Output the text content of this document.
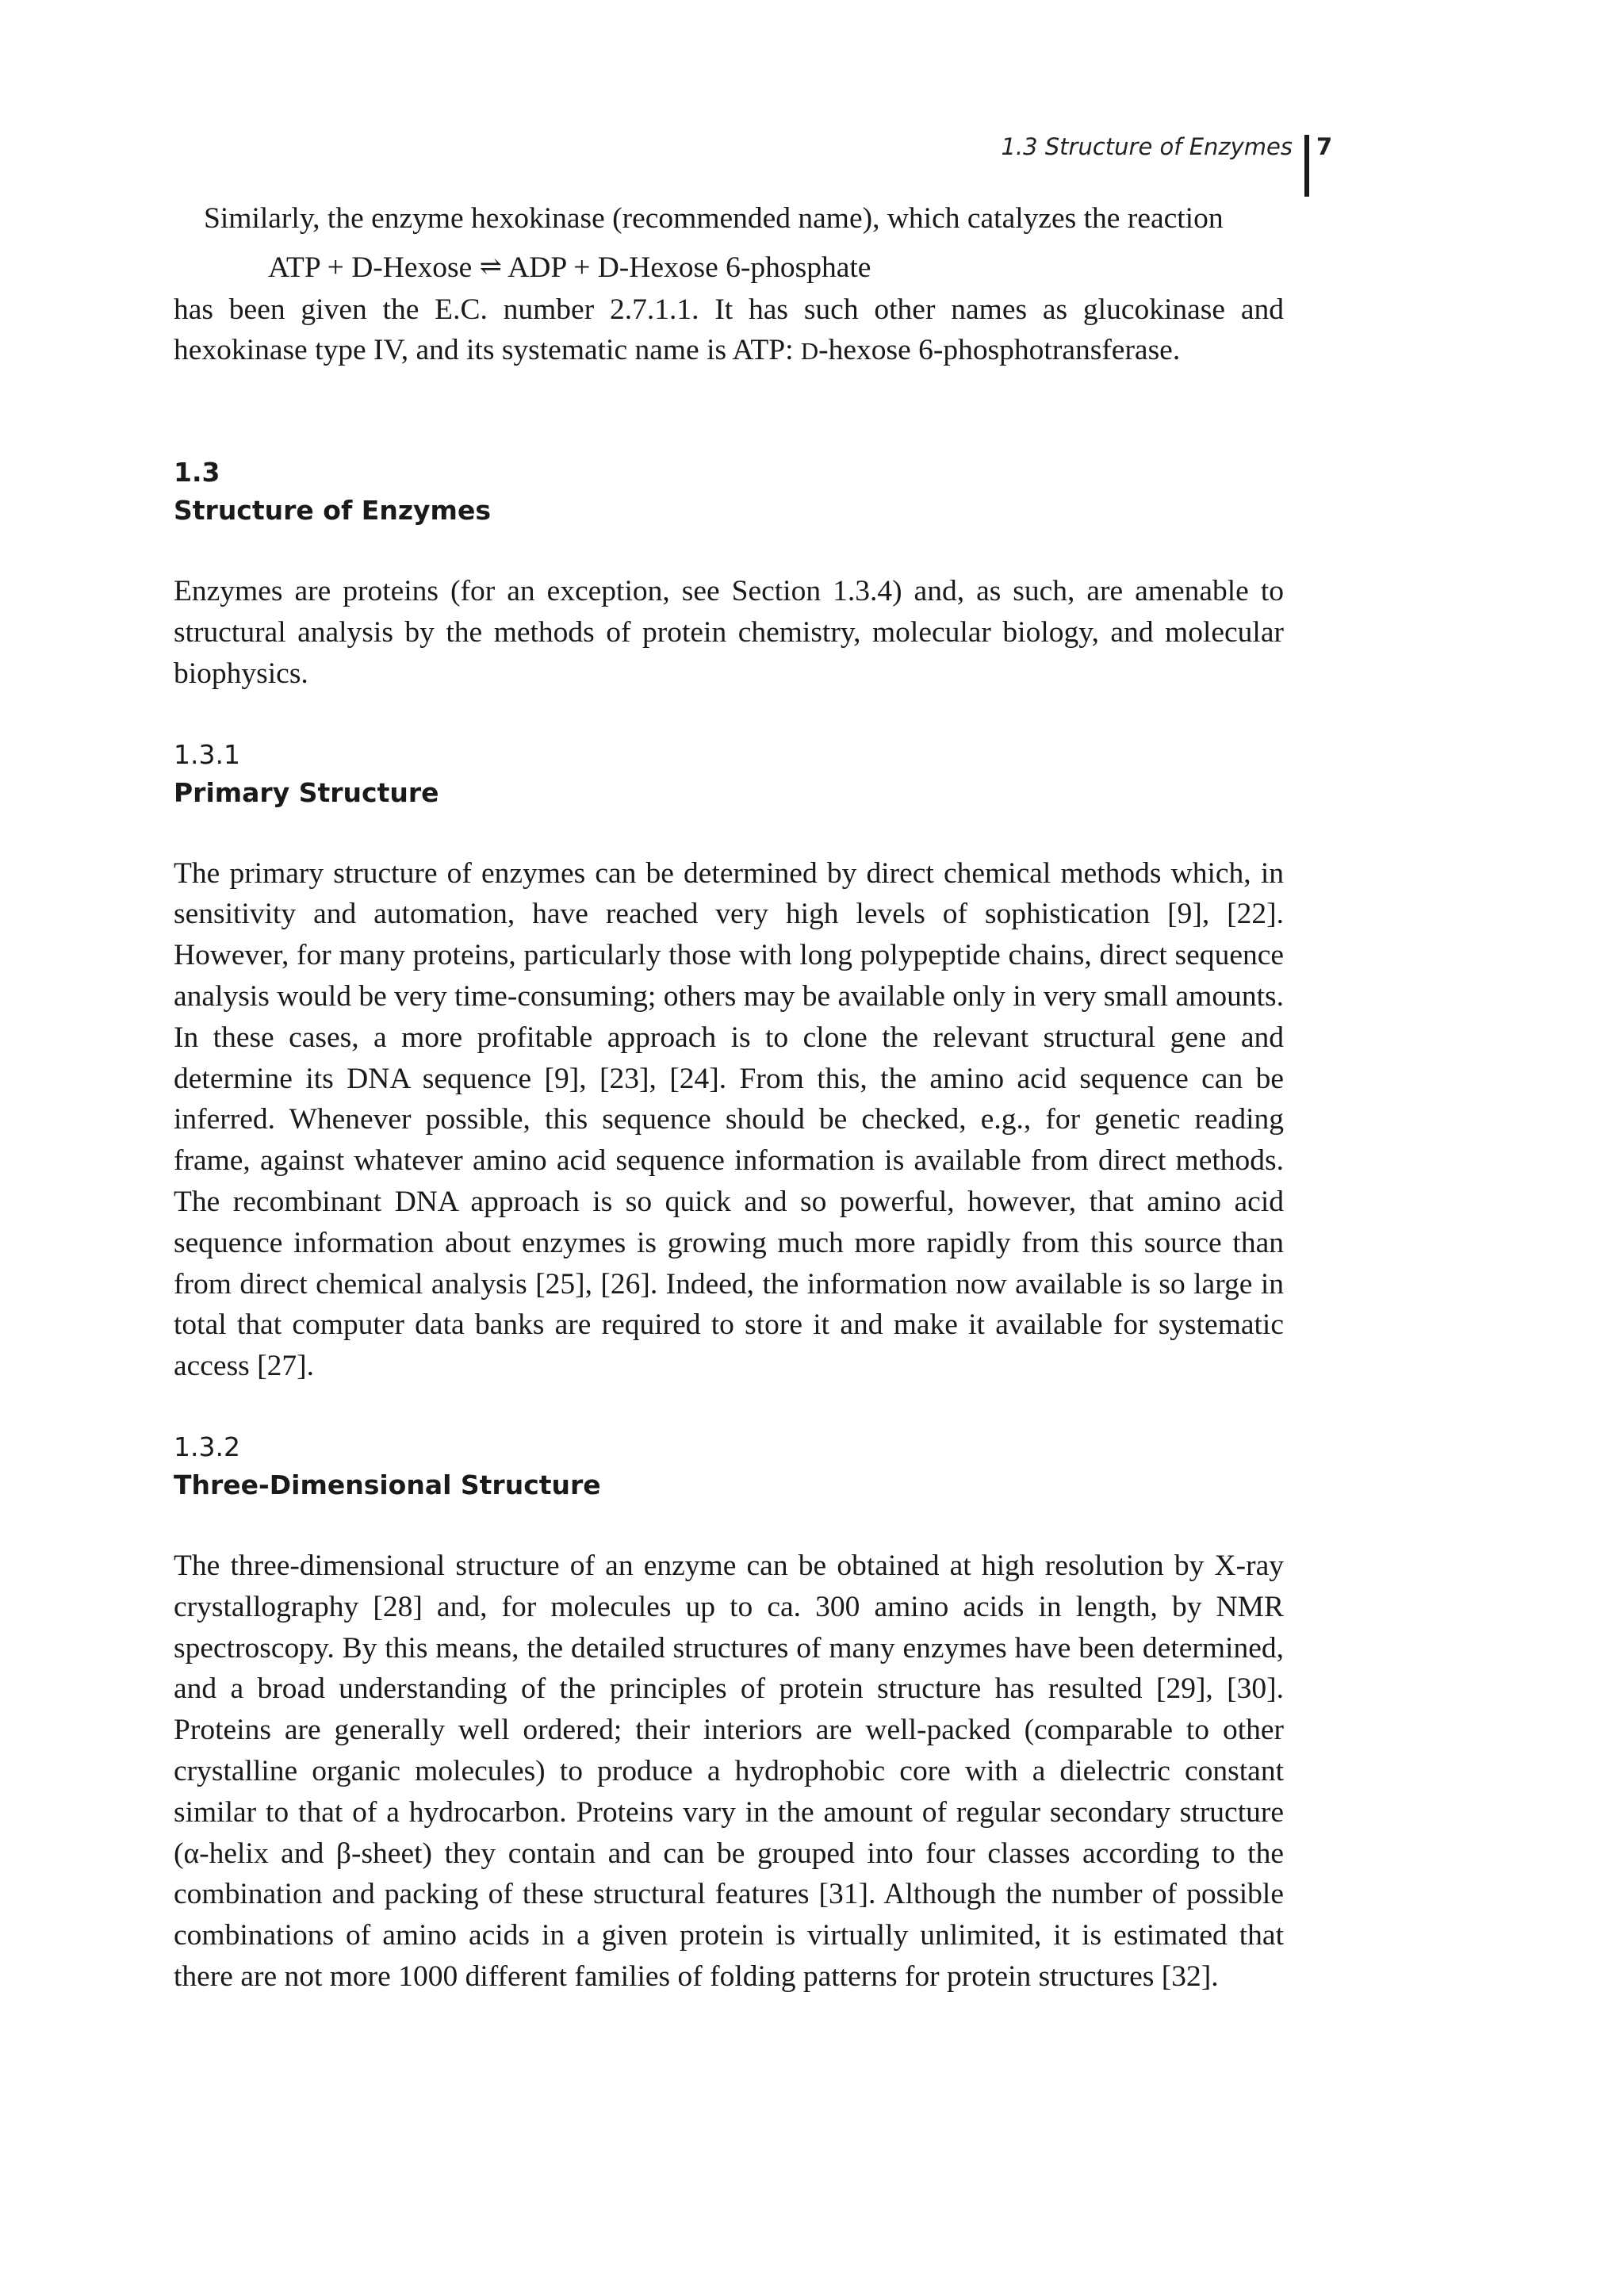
1.3 Structure of Enzymes 7

Similarly, the enzyme hexokinase (recommended name), which catalyzes the reaction

ATP + D-Hexose ⇌ ADP + D-Hexose 6-phosphate

has been given the E.C. number 2.7.1.1. It has such other names as glucokinase and hexokinase type IV, and its systematic name is ATP: D-hexose 6-phosphotransferase.

1.3
Structure of Enzymes

Enzymes are proteins (for an exception, see Section 1.3.4) and, as such, are amenable to structural analysis by the methods of protein chemistry, molecular biology, and molecular biophysics.

1.3.1
Primary Structure

The primary structure of enzymes can be determined by direct chemical methods which, in sensitivity and automation, have reached very high levels of sophistication [9], [22]. However, for many proteins, particularly those with long polypeptide chains, direct sequence analysis would be very time-consuming; others may be available only in very small amounts. In these cases, a more profitable approach is to clone the relevant structural gene and determine its DNA sequence [9], [23], [24]. From this, the amino acid sequence can be inferred. Whenever possible, this sequence should be checked, e.g., for genetic reading frame, against whatever amino acid sequence information is available from direct methods. The recombinant DNA approach is so quick and so powerful, however, that amino acid sequence information about enzymes is growing much more rapidly from this source than from direct chemical analysis [25], [26]. Indeed, the information now available is so large in total that computer data banks are required to store it and make it available for systematic access [27].

1.3.2
Three-Dimensional Structure

The three-dimensional structure of an enzyme can be obtained at high resolution by X-ray crystallography [28] and, for molecules up to ca. 300 amino acids in length, by NMR spectroscopy. By this means, the detailed structures of many enzymes have been determined, and a broad understanding of the principles of protein structure has resulted [29], [30]. Proteins are generally well ordered; their interiors are well-packed (comparable to other crystalline organic molecules) to produce a hydrophobic core with a dielectric constant similar to that of a hydrocarbon. Proteins vary in the amount of regular secondary structure (α-helix and β-sheet) they contain and can be grouped into four classes according to the combination and packing of these structural features [31]. Although the number of possible combinations of amino acids in a given protein is virtually unlimited, it is estimated that there are not more 1000 different families of folding patterns for protein structures [32].
